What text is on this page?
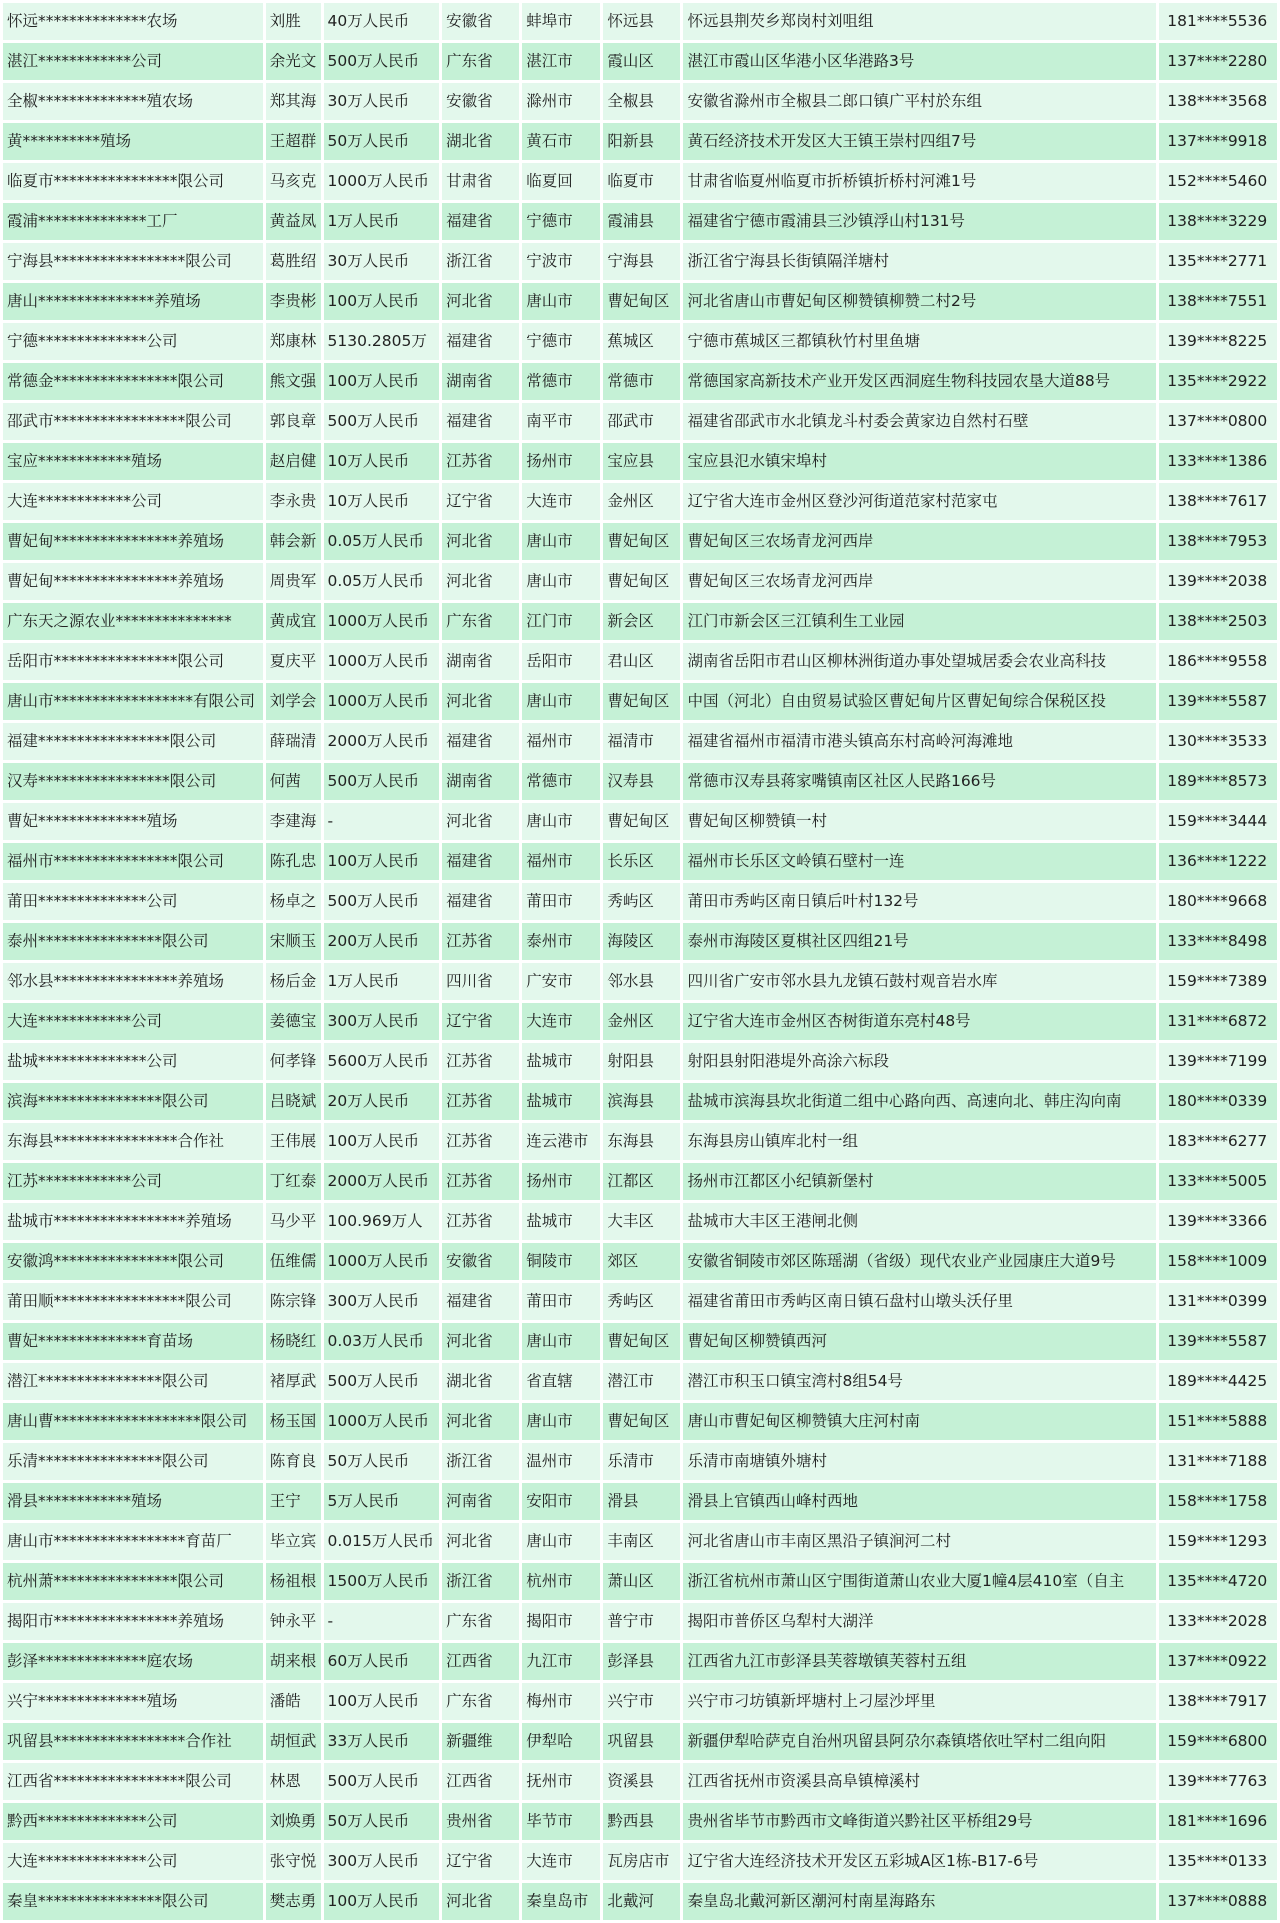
怀远**************农场	刘胜	40万人民币	安徽省	蚌埠市	怀远县	怀远县荆芡乡郑岗村刘咀组	181****5536
湛江************公司	余光文	500万人民币	广东省	湛江市	霞山区	湛江市霞山区华港小区华港路3号	137****2280
全椒**************殖农场	郑其海	30万人民币	安徽省	滁州市	全椒县	安徽省滁州市全椒县二郎口镇广平村於东组	138****3568
黄**********殖场	王超群	50万人民币	湖北省	黄石市	阳新县	黄石经济技术开发区大王镇王崇村四组7号	137****9918
临夏市****************限公司	马亥克	1000万人民币	甘肃省	临夏回	临夏市	甘肃省临夏州临夏市折桥镇折桥村河滩1号	152****5460
霞浦**************工厂	黄益凤	1万人民币	福建省	宁德市	霞浦县	福建省宁德市霞浦县三沙镇浮山村131号	138****3229
宁海县*****************限公司	葛胜绍	30万人民币	浙江省	宁波市	宁海县	浙江省宁海县长街镇隔洋塘村	135****2771
唐山***************养殖场	李贵彬	100万人民币	河北省	唐山市	曹妃甸区	河北省唐山市曹妃甸区柳赞镇柳赞二村2号	138****7551
宁德**************公司	郑康林	5130.2805万	福建省	宁德市	蕉城区	宁德市蕉城区三都镇秋竹村里鱼塘	139****8225
常德金****************限公司	熊文强	100万人民币	湖南省	常德市	常德市	常德国家高新技术产业开发区西洞庭生物科技园农垦大道88号	135****2922
邵武市*****************限公司	郭良章	500万人民币	福建省	南平市	邵武市	福建省邵武市水北镇龙斗村委会黄家边自然村石壁	137****0800
宝应************殖场	赵启健	10万人民币	江苏省	扬州市	宝应县	宝应县氾水镇宋埠村	133****1386
大连************公司	李永贵	10万人民币	辽宁省	大连市	金州区	辽宁省大连市金州区登沙河街道范家村范家屯	138****7617
曹妃甸****************养殖场	韩会新	0.05万人民币	河北省	唐山市	曹妃甸区	曹妃甸区三农场青龙河西岸	138****7953
曹妃甸****************养殖场	周贵军	0.05万人民币	河北省	唐山市	曹妃甸区	曹妃甸区三农场青龙河西岸	139****2038
广东天之源农业***************	黄成宜	1000万人民币	广东省	江门市	新会区	江门市新会区三江镇利生工业园	138****2503
岳阳市****************限公司	夏庆平	1000万人民币	湖南省	岳阳市	君山区	湖南省岳阳市君山区柳林洲街道办事处望城居委会农业高科技	186****9558
唐山市******************有限公司	刘学会	1000万人民币	河北省	唐山市	曹妃甸区	中国（河北）自由贸易试验区曹妃甸片区曹妃甸综合保税区投	139****5587
福建*****************限公司	薛瑞清	2000万人民币	福建省	福州市	福清市	福建省福州市福清市港头镇高东村高岭河海滩地	130****3533
汉寿*****************限公司	何茜	500万人民币	湖南省	常德市	汉寿县	常德市汉寿县蒋家嘴镇南区社区人民路166号	189****8573
曹妃**************殖场	李建海	-	河北省	唐山市	曹妃甸区	曹妃甸区柳赞镇一村	159****3444
福州市****************限公司	陈孔忠	100万人民币	福建省	福州市	长乐区	福州市长乐区文岭镇石壁村一连	136****1222
莆田**************公司	杨卓之	500万人民币	福建省	莆田市	秀屿区	莆田市秀屿区南日镇后叶村132号	180****9668
泰州****************限公司	宋顺玉	200万人民币	江苏省	泰州市	海陵区	泰州市海陵区夏棋社区四组21号	133****8498
邻水县****************养殖场	杨后金	1万人民币	四川省	广安市	邻水县	四川省广安市邻水县九龙镇石鼓村观音岩水库	159****7389
大连************公司	姜德宝	300万人民币	辽宁省	大连市	金州区	辽宁省大连市金州区杏树街道东亮村48号	131****6872
盐城**************公司	何孝锋	5600万人民币	江苏省	盐城市	射阳县	射阳县射阳港堤外高涂六标段	139****7199
滨海****************限公司	吕晓斌	20万人民币	江苏省	盐城市	滨海县	盐城市滨海县坎北街道二组中心路向西、高速向北、韩庄沟向南	180****0339
东海县****************合作社	王伟展	100万人民币	江苏省	连云港市	东海县	东海县房山镇库北村一组	183****6277
江苏************公司	丁红泰	2000万人民币	江苏省	扬州市	江都区	扬州市江都区小纪镇新堡村	133****5005
盐城市*****************养殖场	马少平	100.969万人	江苏省	盐城市	大丰区	盐城市大丰区王港闸北侧	139****3366
安徽鸿****************限公司	伍维儒	1000万人民币	安徽省	铜陵市	郊区	安徽省铜陵市郊区陈瑶湖（省级）现代农业产业园康庄大道9号	158****1009
莆田顺*****************限公司	陈宗锋	300万人民币	福建省	莆田市	秀屿区	福建省莆田市秀屿区南日镇石盘村山墩头沃仔里	131****0399
曹妃**************育苗场	杨晓红	0.03万人民币	河北省	唐山市	曹妃甸区	曹妃甸区柳赞镇西河	139****5587
潜江****************限公司	褚厚武	500万人民币	湖北省	省直辖	潜江市	潜江市积玉口镇宝湾村8组54号	189****4425
唐山曹*******************限公司	杨玉国	1000万人民币	河北省	唐山市	曹妃甸区	唐山市曹妃甸区柳赞镇大庄河村南	151****5888
乐清****************限公司	陈育良	50万人民币	浙江省	温州市	乐清市	乐清市南塘镇外塘村	131****7188
滑县************殖场	王宁	5万人民币	河南省	安阳市	滑县	滑县上官镇西山峰村西地	158****1758
唐山市*****************育苗厂	毕立宾	0.015万人民币	河北省	唐山市	丰南区	河北省唐山市丰南区黑沿子镇涧河二村	159****1293
杭州萧****************限公司	杨祖根	1500万人民币	浙江省	杭州市	萧山区	浙江省杭州市萧山区宁围街道萧山农业大厦1幢4层410室（自主	135****4720
揭阳市****************养殖场	钟永平	-	广东省	揭阳市	普宁市	揭阳市普侨区乌犁村大湖洋	133****2028
彭泽**************庭农场	胡来根	60万人民币	江西省	九江市	彭泽县	江西省九江市彭泽县芙蓉墩镇芙蓉村五组	137****0922
兴宁**************殖场	潘皓	100万人民币	广东省	梅州市	兴宁市	兴宁市刁坊镇新坪塘村上刁屋沙坪里	138****7917
巩留县*****************合作社	胡恒武	33万人民币	新疆维	伊犁哈	巩留县	新疆伊犁哈萨克自治州巩留县阿尕尔森镇塔依吐罕村二组向阳	159****6800
江西省*****************限公司	林恩	500万人民币	江西省	抚州市	资溪县	江西省抚州市资溪县高阜镇樟溪村	139****7763
黔西**************公司	刘焕勇	50万人民币	贵州省	毕节市	黔西县	贵州省毕节市黔西市文峰街道兴黔社区平桥组29号	181****1696
大连**************公司	张守悦	300万人民币	辽宁省	大连市	瓦房店市	辽宁省大连经济技术开发区五彩城A区1栋-B17-6号	135****0133
秦皇****************限公司	樊志勇	100万人民币	河北省	秦皇岛市	北戴河	秦皇岛北戴河新区潮河村南星海路东	137****0888
